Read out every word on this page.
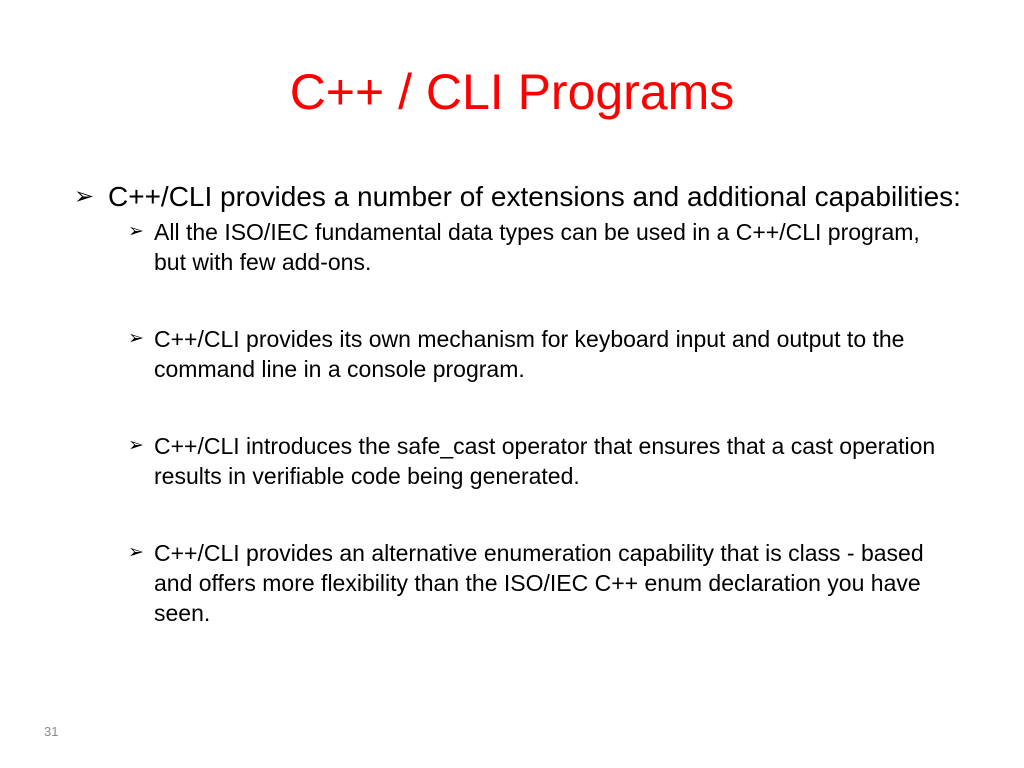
C++ / CLI Programs

➢ C++/CLI provides a number of extensions and additional capabilities:

➢ All the ISO/IEC fundamental data types can be used in a C++/CLI program, but with few add-ons.
➢ C++/CLI provides its own mechanism for keyboard input and output to the command line in a console program.
➢ C++/CLI introduces the safe_cast operator that ensures that a cast operation results in verifiable code being generated.
➢ C++/CLI provides an alternative enumeration capability that is class - based and offers more flexibility than the ISO/IEC C++ enum declaration you have seen.
31
